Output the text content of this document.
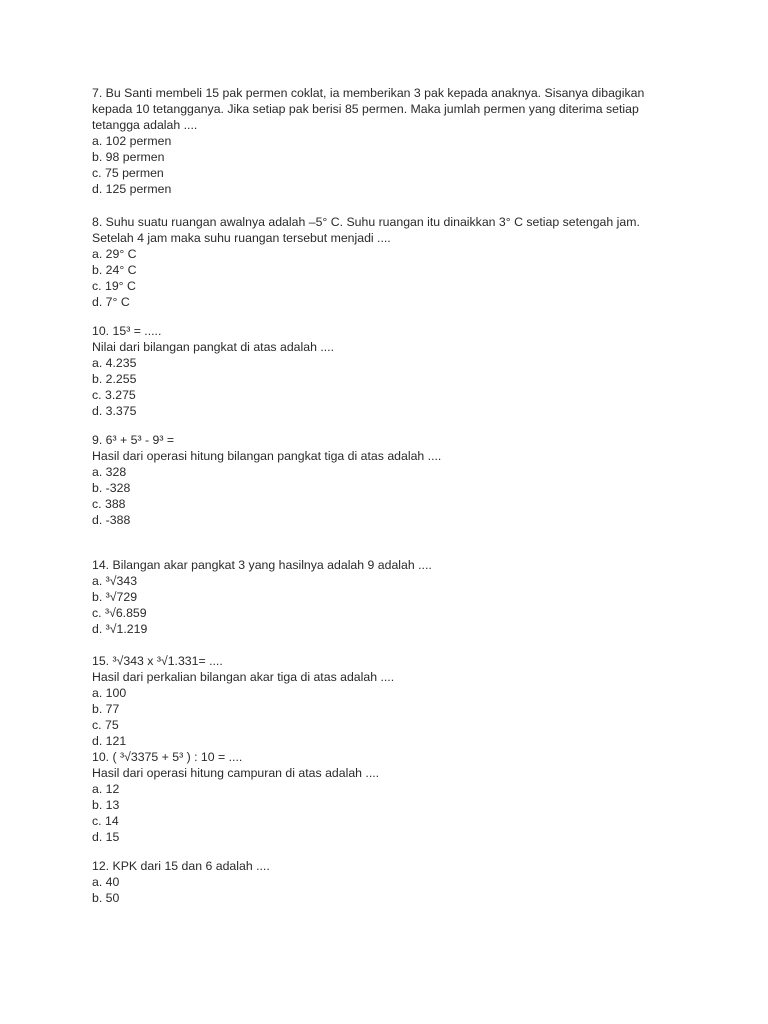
7. Bu Santi membeli 15 pak permen coklat, ia memberikan 3 pak kepada anaknya. Sisanya dibagikan

kepada 10 tetangganya. Jika setiap pak berisi 85 permen. Maka jumlah permen yang diterima setiap

tetangga adalah ....

a. 102 permen

b. 98 permen

c. 75 permen

d. 125 permen

8. Suhu suatu ruangan awalnya adalah –5° C. Suhu ruangan itu dinaikkan 3° C setiap setengah jam.

Setelah 4 jam maka suhu ruangan tersebut menjadi ....

a. 29° C

b. 24° C

c. 19° C

d. 7° C

10. 15³ = .....

Nilai dari bilangan pangkat di atas adalah ....

a. 4.235

b. 2.255

c. 3.275

d. 3.375

9. 6³ + 5³ - 9³ =

Hasil dari operasi hitung bilangan pangkat tiga di atas adalah ....

a. 328

b. -328

c. 388

d. -388

14. Bilangan akar pangkat 3 yang hasilnya adalah 9 adalah ....

a. ³√343

b. ³√729

c. ³√6.859

d. ³√1.219

15. ³√343 x ³√1.331= ....

Hasil dari perkalian bilangan akar tiga di atas adalah ....

a. 100

b. 77

c. 75

d. 121

10. ( ³√3375 + 5³ ) : 10 = ....

Hasil dari operasi hitung campuran di atas adalah ....

a. 12

b. 13

c. 14

d. 15

12. KPK dari 15 dan 6 adalah ....

a. 40

b. 50
